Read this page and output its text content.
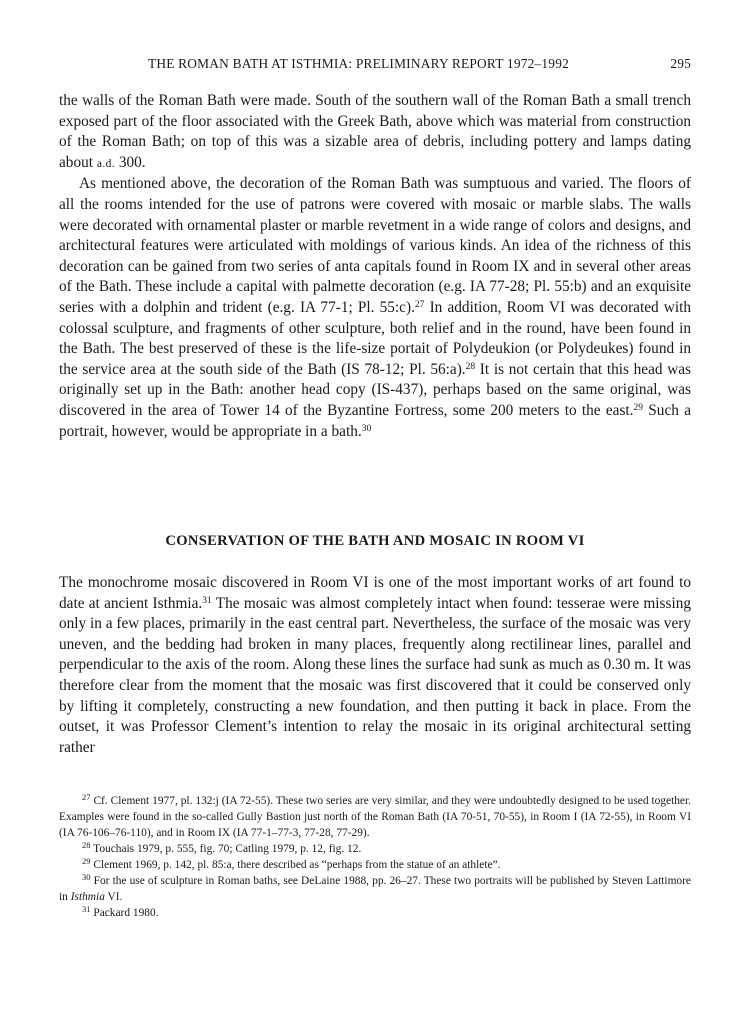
THE ROMAN BATH AT ISTHMIA: PRELIMINARY REPORT 1972–1992	295

the walls of the Roman Bath were made. South of the southern wall of the Roman Bath a small trench exposed part of the floor associated with the Greek Bath, above which was material from construction of the Roman Bath; on top of this was a sizable area of debris, including pottery and lamps dating about a.d. 300.

As mentioned above, the decoration of the Roman Bath was sumptuous and varied. The floors of all the rooms intended for the use of patrons were covered with mosaic or marble slabs. The walls were decorated with ornamental plaster or marble revetment in a wide range of colors and designs, and architectural features were articulated with moldings of various kinds. An idea of the richness of this decoration can be gained from two series of anta capitals found in Room IX and in several other areas of the Bath. These include a capital with palmette decoration (e.g. IA 77-28; Pl. 55:b) and an exquisite series with a dolphin and trident (e.g. IA 77-1; Pl. 55:c).$^{27}$ In addition, Room VI was decorated with colossal sculpture, and fragments of other sculpture, both relief and in the round, have been found in the Bath. The best preserved of these is the life-size portait of Polydeukion (or Polydeukes) found in the service area at the south side of the Bath (IS 78-12; Pl. 56:a).$^{28}$ It is not certain that this head was originally set up in the Bath: another head copy (IS-437), perhaps based on the same original, was discovered in the area of Tower 14 of the Byzantine Fortress, some 200 meters to the east.$^{29}$ Such a portrait, however, would be appropriate in a bath.$^{30}$

CONSERVATION OF THE BATH AND MOSAIC IN ROOM VI

The monochrome mosaic discovered in Room VI is one of the most important works of art found to date at ancient Isthmia.$^{31}$ The mosaic was almost completely intact when found: tesserae were missing only in a few places, primarily in the east central part. Nevertheless, the surface of the mosaic was very uneven, and the bedding had broken in many places, frequently along rectilinear lines, parallel and perpendicular to the axis of the room. Along these lines the surface had sunk as much as 0.30 m. It was therefore clear from the moment that the mosaic was first discovered that it could be conserved only by lifting it completely, constructing a new foundation, and then putting it back in place. From the outset, it was Professor Clement’s intention to relay the mosaic in its original architectural setting rather

$^{27}$ Cf. Clement 1977, pl. 132:j (IA 72-55). These two series are very similar, and they were undoubtedly designed to be used together. Examples were found in the so-called Gully Bastion just north of the Roman Bath (IA 70-51, 70-55), in Room I (IA 72-55), in Room VI (IA 76-106–76-110), and in Room IX (IA 77-1–77-3, 77-28, 77-29).

$^{28}$ Touchais 1979, p. 555, fig. 70; Catling 1979, p. 12, fig. 12.

$^{29}$ Clement 1969, p. 142, pl. 85:a, there described as “perhaps from the statue of an athlete”.

$^{30}$ For the use of sculpture in Roman baths, see DeLaine 1988, pp. 26–27. These two portraits will be published by Steven Lattimore in Isthmia VI.

$^{31}$ Packard 1980.
